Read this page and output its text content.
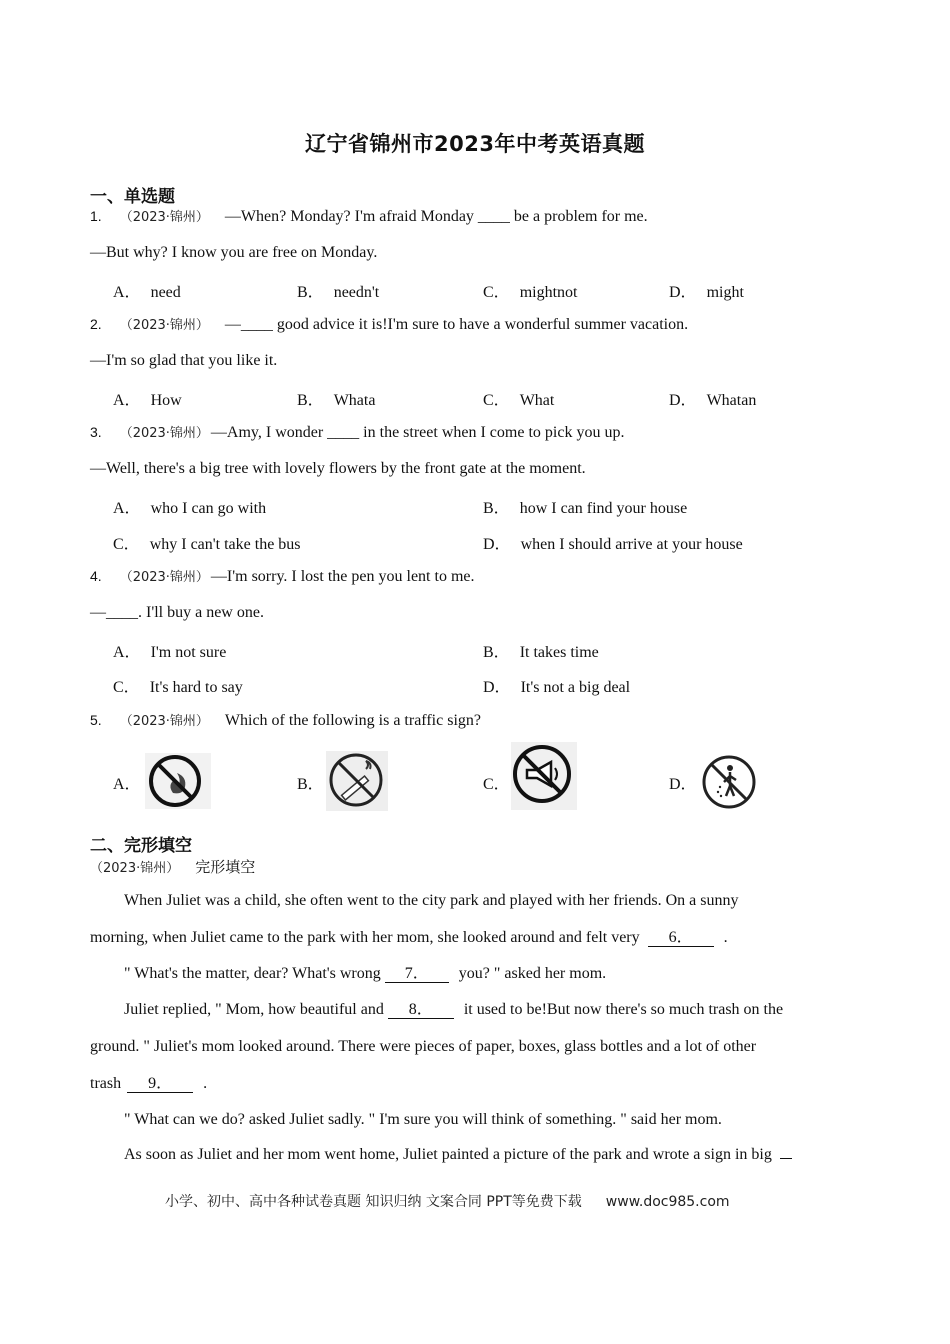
辽宁省锦州市2023年中考英语真题
一、单选题
1. （2023·锦州） —When? Monday? I'm afraid Monday ____ be a problem for me.
—But why? I know you are free on Monday.
A． need	B． needn't	C． mightnot	D． might
2. （2023·锦州） —____ good advice it is!I'm sure to have a wonderful summer vacation.
—I'm so glad that you like it.
A． How	B． Whata	C． What	D． Whatan
3. （2023·锦州） —Amy, I wonder ____ in the street when I come to pick you up.
—Well, there's a big tree with lovely flowers by the front gate at the moment.
A． who I can go with	B． how I can find your house
C． why I can't take the bus	D． when I should arrive at your house
4. （2023·锦州） —I'm sorry. I lost the pen you lent to me.
—____. I'll buy a new one.
A． I'm not sure	B． It takes time
C． It's hard to say	D． It's not a big deal
5. （2023·锦州） Which of the following is a traffic sign?
A．	B．	C．	D．
二、完形填空
（2023·锦州） 完形填空
When Juliet was a child, she often went to the city park and played with her friends. On a sunny
morning, when Juliet came to the park with her mom, she looked around and felt very 6． .
" What's the matter, dear? What's wrong 7． you? " asked her mom.
Juliet replied, " Mom, how beautiful and 8． it used to be!But now there's so much trash on the
ground. " Juliet's mom looked around. There were pieces of paper, boxes, glass bottles and a lot of other
trash 9． .
" What can we do? asked Juliet sadly. " I'm sure you will think of something. " said her mom.
As soon as Juliet and her mom went home, Juliet painted a picture of the park and wrote a sign in big
小学、初中、高中各种试卷真题 知识归纳 文案合同 PPT等免费下载 www.doc985.com
